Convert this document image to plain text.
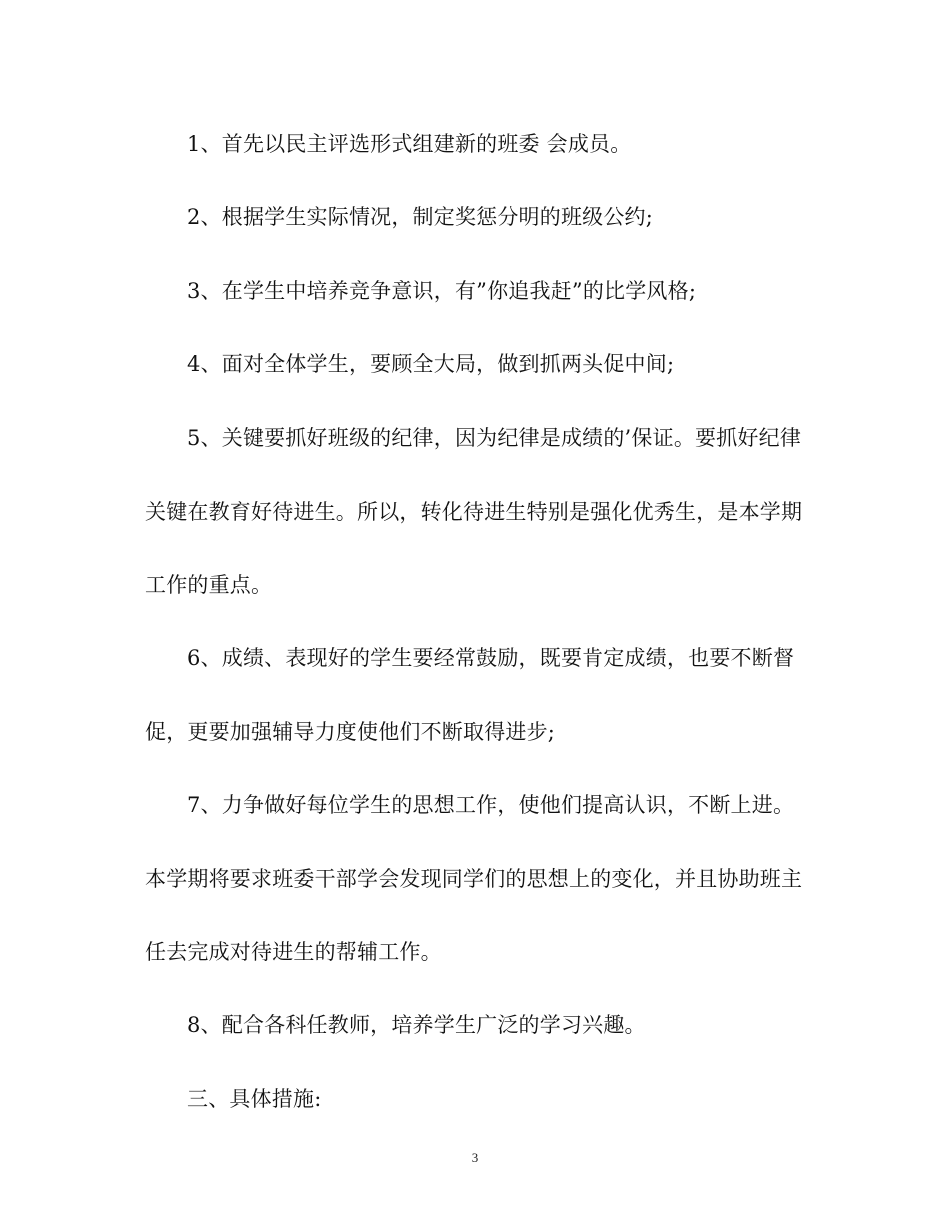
1、首先以民主评选形式组建新的班委 会成员。

2、根据学生实际情况，制定奖惩分明的班级公约;

3、在学生中培养竞争意识，有”你追我赶”的比学风格;

4、面对全体学生，要顾全大局，做到抓两头促中间;

5、关键要抓好班级的纪律，因为纪律是成绩的’保证。要抓好纪律关键在教育好待进生。所以，转化待进生特别是强化优秀生，是本学期工作的重点。

6、成绩、表现好的学生要经常鼓励，既要肯定成绩，也要不断督促，更要加强辅导力度使他们不断取得进步;

7、力争做好每位学生的思想工作，使他们提高认识，不断上进。本学期将要求班委干部学会发现同学们的思想上的变化，并且协助班主任去完成对待进生的帮辅工作。

8、配合各科任教师，培养学生广泛的学习兴趣。

三、具体措施:

3
